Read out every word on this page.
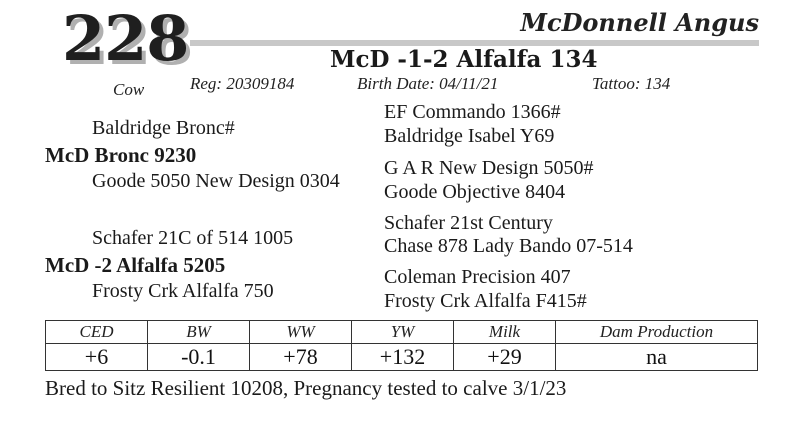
228	McDonnell Angus
McD -1-2 Alfalfa 134
Cow	Reg: 20309184	Birth Date: 04/11/21	Tattoo: 134
Baldridge Bronc#
McD Bronc 9230
Goode 5050 New Design 0304
EF Commando 1366#
Baldridge Isabel Y69
G A R New Design 5050#
Goode Objective 8404
Schafer 21C of 514 1005
McD -2 Alfalfa 5205
Frosty Crk Alfalfa 750
Schafer 21st Century
Chase 878 Lady Bando 07-514
Coleman Precision 407
Frosty Crk Alfalfa F415#
CED	BW	WW	YW	Milk	Dam Production
+6	-0.1	+78	+132	+29	na
Bred to Sitz Resilient 10208, Pregnancy tested to calve 3/1/23
